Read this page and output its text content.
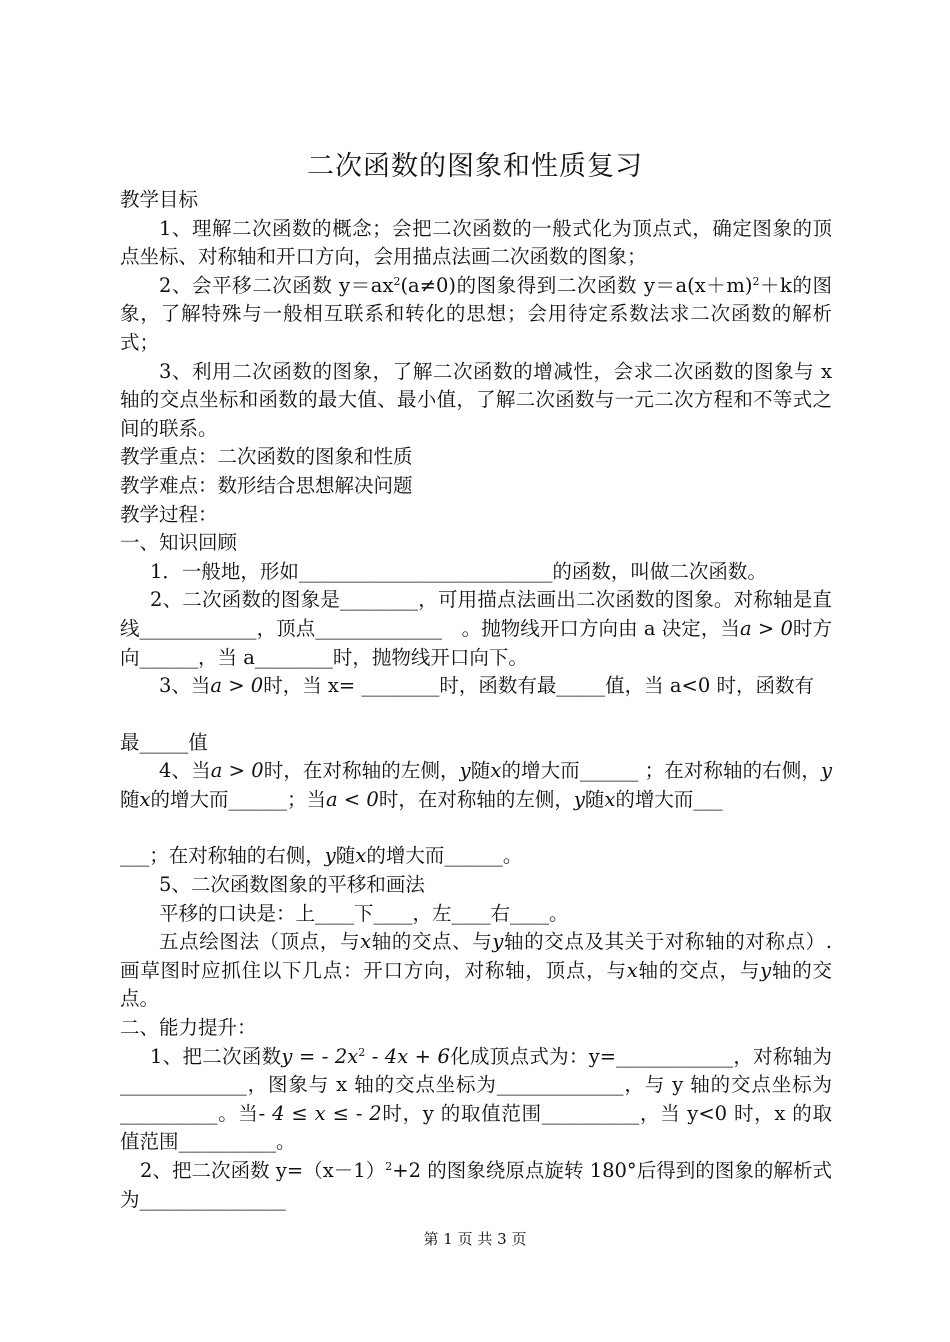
二次函数的图象和性质复习

教学目标

1、理解二次函数的概念；会把二次函数的一般式化为顶点式，确定图象的顶点坐标、对称轴和开口方向，会用描点法画二次函数的图象；

2、会平移二次函数 $y=ax^2(a\ne 0)$的图象得到二次函数 $y=a(x+m)^2+k$的图象，了解特殊与一般相互联系和转化的思想；会用待定系数法求二次函数的解析式；

3、利用二次函数的图象，了解二次函数的增减性，会求二次函数的图象与 x 轴的交点坐标和函数的最大值、最小值，了解二次函数与一元二次方程和不等式之间的联系。

教学重点：二次函数的图象和性质

教学难点：数形结合思想解决问题

教学过程：

一、知识回顾

1．一般地，形如__________________________的函数，叫做二次函数。

2、二次函数的图象是________，可用描点法画出二次函数的图象。对称轴是直线____________，顶点_____________　。抛物线开口方向由 a 决定，当a > 0时方向______，当 a________时，抛物线开口向下。

3、当a > 0时，当 x= ________时，函数有最_____值，当 a<0 时，函数有

最_____值

4、当a > 0时，在对称轴的左侧，y随x的增大而______ ；在对称轴的右侧，y随x的增大而______；当a < 0时，在对称轴的左侧，y随x的增大而___

___；在对称轴的右侧，y随x的增大而______。

5、二次函数图象的平移和画法

平移的口诀是：上____下____，左____右____。

五点绘图法（顶点，与x轴的交点、与y轴的交点及其关于对称轴的对称点）. 画草图时应抓住以下几点：开口方向，对称轴，顶点，与x轴的交点，与y轴的交点。

二、能力提升：

1、把二次函数y = - $2x^2 - 4x + 6$化成顶点式为：y=____________，对称轴为_____________，图象与 x 轴的交点坐标为_____________，与 y 轴的交点坐标为__________。当- 4 ≤ x ≤ - 2时，y 的取值范围__________，当 y<0 时，x 的取值范围__________。

2、把二次函数 $y=(x-1)^2+2$ 的图象绕原点旋转 180°后得到的图象的解析式为_______________

第 1 页 共 3 页
